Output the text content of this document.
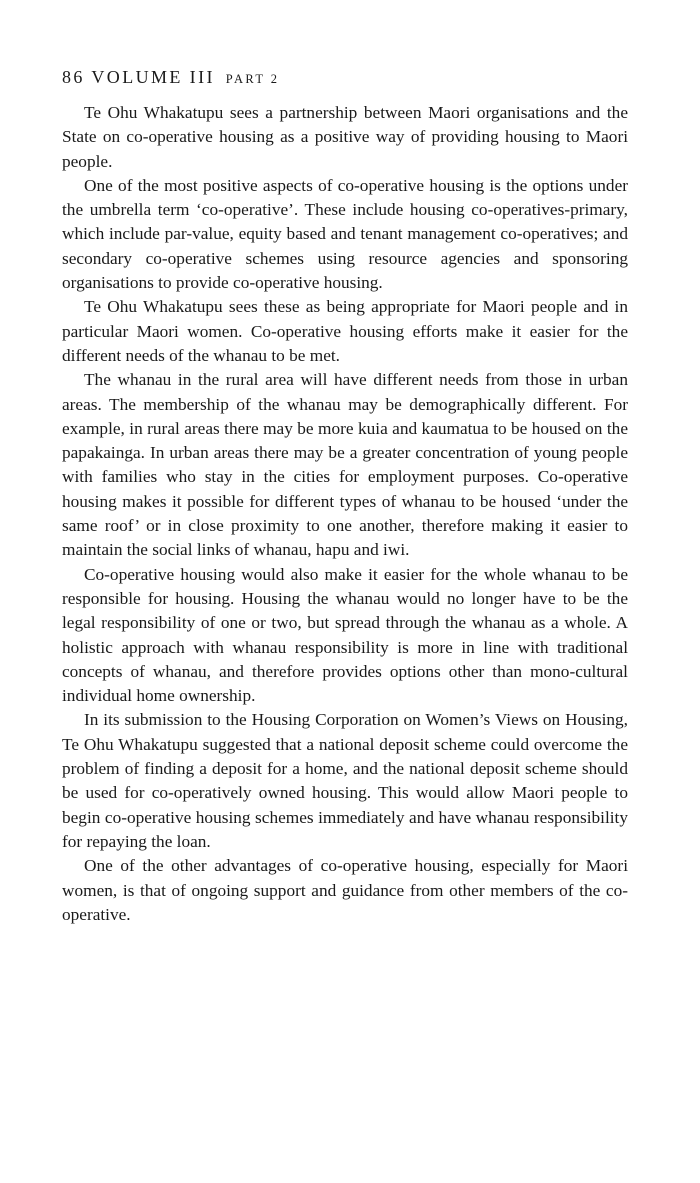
86 VOLUME III PART 2

Te Ohu Whakatupu sees a partnership between Maori organisations and the State on co-operative housing as a positive way of providing housing to Maori people.

One of the most positive aspects of co-operative housing is the options under the umbrella term ‘co-operative’. These include housing co-operatives-primary, which include par-value, equity based and tenant management co-operatives; and secondary co-operative schemes using resource agencies and sponsoring organisations to provide co-operative housing.

Te Ohu Whakatupu sees these as being appropriate for Maori people and in particular Maori women. Co-operative housing efforts make it easier for the different needs of the whanau to be met.

The whanau in the rural area will have different needs from those in urban areas. The membership of the whanau may be demographically different. For example, in rural areas there may be more kuia and kaumatua to be housed on the papakainga. In urban areas there may be a greater concentration of young people with families who stay in the cities for employment purposes. Co-operative housing makes it possible for different types of whanau to be housed ‘under the same roof’ or in close proximity to one another, therefore making it easier to maintain the social links of whanau, hapu and iwi.

Co-operative housing would also make it easier for the whole whanau to be responsible for housing. Housing the whanau would no longer have to be the legal responsibility of one or two, but spread through the whanau as a whole. A holistic approach with whanau responsibility is more in line with traditional concepts of whanau, and therefore provides options other than mono-cultural individual home ownership.

In its submission to the Housing Corporation on Women’s Views on Housing, Te Ohu Whakatupu suggested that a national deposit scheme could overcome the problem of finding a deposit for a home, and the national deposit scheme should be used for co-operatively owned housing. This would allow Maori people to begin co-operative housing schemes immediately and have whanau responsibility for repaying the loan.

One of the other advantages of co-operative housing, especially for Maori women, is that of ongoing support and guidance from other members of the co-operative.
